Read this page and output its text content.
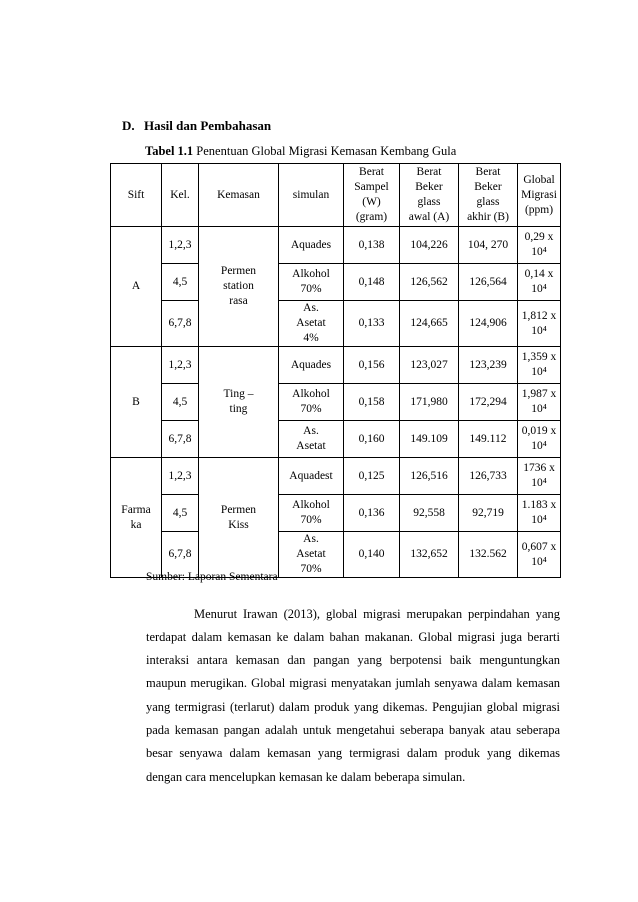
D. Hasil dan Pembahasan
Tabel 1.1 Penentuan Global Migrasi Kemasan Kembang Gula
Sift	Kel.	Kemasan	simulan	Berat
Sampel
(W)
(gram)	Berat
Beker
glass
awal (A)	Berat
Beker
glass
akhir (B)	Global
Migrasi
(ppm)
A	1,2,3	Permen
station
rasa	Aquades	0,138	104,226	104, 270	0,29 x
10⁴
	4,5		Alkohol
70%	0,148	126,562	126,564	0,14 x
10⁴
	6,7,8		As.
Asetat
4%	0,133	124,665	124,906	1,812 x
10⁴
B	1,2,3	Ting –
ting	Aquades	0,156	123,027	123,239	1,359 x
10⁴
	4,5		Alkohol
70%	0,158	171,980	172,294	1,987 x
10⁴
	6,7,8		As.
Asetat	0,160	149.109	149.112	0,019 x
10⁴
Farma
ka	1,2,3	Permen
Kiss	Aquadest	0,125	126,516	126,733	1736 x
10⁴
	4,5		Alkohol
70%	0,136	92,558	92,719	1.183 x
10⁴
	6,7,8		As.
Asetat
70%	0,140	132,652	132.562	0,607 x
10⁴
Sumber: Laporan Sementara

Menurut Irawan (2013), global migrasi merupakan perpindahan yang terdapat dalam kemasan ke dalam bahan makanan. Global migrasi juga berarti interaksi antara kemasan dan pangan yang berpotensi baik menguntungkan maupun merugikan. Global migrasi menyatakan jumlah senyawa dalam kemasan yang termigrasi (terlarut) dalam produk yang dikemas. Pengujian global migrasi pada kemasan pangan adalah untuk mengetahui seberapa banyak atau seberapa besar senyawa dalam kemasan yang termigrasi dalam produk yang dikemas dengan cara mencelupkan kemasan ke dalam beberapa simulan.
